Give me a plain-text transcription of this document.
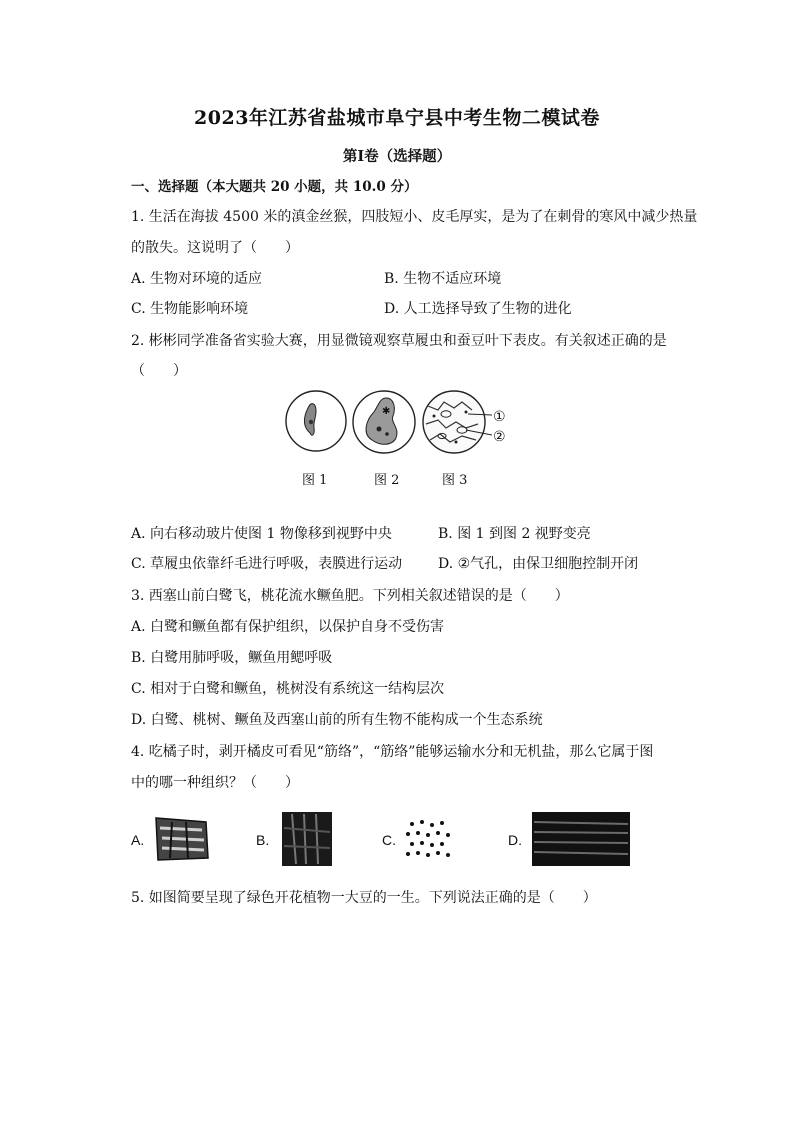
2023年江苏省盐城市阜宁县中考生物二模试卷
第I卷（选择题）
一、选择题（本大题共 20 小题，共 10.0 分）
1. 生活在海拔 4500 米的滇金丝猴，四肢短小、皮毛厚实，是为了在刺骨的寒风中减少热量
的散失。这说明了（　　）
A. 生物对环境的适应	B. 生物不适应环境
C. 生物能影响环境	D. 人工选择导致了生物的进化
2. 彬彬同学准备省实验大赛，用显微镜观察草履虫和蚕豆叶下表皮。有关叙述正确的是
（　　）
✱	①
②
图 1	图 2	图 3
A. 向右移动玻片使图 1 物像移到视野中央	B. 图 1 到图 2 视野变亮
C. 草履虫依靠纤毛进行呼吸，表膜进行运动	D. ②气孔，由保卫细胞控制开闭
3. 西塞山前白鹭飞，桃花流水鳜鱼肥。下列相关叙述错误的是（　　）
A. 白鹭和鳜鱼都有保护组织，以保护自身不受伤害
B. 白鹭用肺呼吸，鳜鱼用鳃呼吸
C. 相对于白鹭和鳜鱼，桃树没有系统这一结构层次
D. 白鹭、桃树、鳜鱼及西塞山前的所有生物不能构成一个生态系统
4. 吃橘子时，剥开橘皮可看见“筋络”，“筋络”能够运输水分和无机盐，那么它属于图
中的哪一种组织？（　　）
A.	B.	C.	D.
5. 如图简要呈现了绿色开花植物一大豆的一生。下列说法正确的是（　　）
